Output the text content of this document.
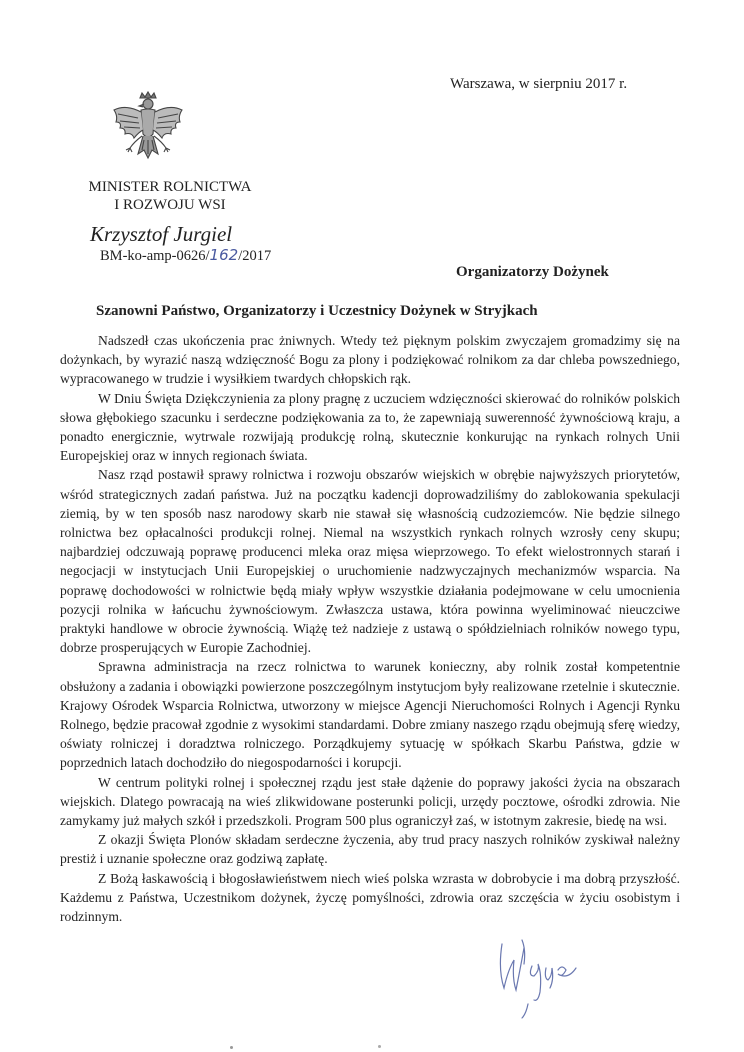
Warszawa, w sierpniu 2017 r.
MINISTER ROLNICTWA
I ROZWOJU WSI
Krzysztof Jurgiel
BM-ko-amp-0626/162/2017
Organizatorzy Dożynek
Szanowni Państwo, Organizatorzy i Uczestnicy Dożynek w Stryjkach

Nadszedł czas ukończenia prac żniwnych. Wtedy też pięknym polskim zwyczajem gromadzimy się na dożynkach, by wyrazić naszą wdzięczność Bogu za plony i podziękować rolnikom za dar chleba powszedniego, wypracowanego w trudzie i wysiłkiem twardych chłopskich rąk.

W Dniu Święta Dziękczynienia za plony pragnę z uczuciem wdzięczności skierować do rolników polskich słowa głębokiego szacunku i serdeczne podziękowania za to, że zapewniają suwerenność żywnościową kraju, a ponadto energicznie, wytrwale rozwijają produkcję rolną, skutecznie konkurując na rynkach rolnych Unii Europejskiej oraz w innych regionach świata.

Nasz rząd postawił sprawy rolnictwa i rozwoju obszarów wiejskich w obrębie najwyższych priorytetów, wśród strategicznych zadań państwa. Już na początku kadencji doprowadziliśmy do zablokowania spekulacji ziemią, by w ten sposób nasz narodowy skarb nie stawał się własnością cudzoziemców. Nie będzie silnego rolnictwa bez opłacalności produkcji rolnej. Niemal na wszystkich rynkach rolnych wzrosły ceny skupu; najbardziej odczuwają poprawę producenci mleka oraz mięsa wieprzowego. To efekt wielostronnych starań i negocjacji w instytucjach Unii Europejskiej o uruchomienie nadzwyczajnych mechanizmów wsparcia. Na poprawę dochodowości w rolnictwie będą miały wpływ wszystkie działania podejmowane w celu umocnienia pozycji rolnika w łańcuchu żywnościowym. Zwłaszcza ustawa, która powinna wyeliminować nieuczciwe praktyki handlowe w obrocie żywnością. Wiążę też nadzieje z ustawą o spółdzielniach rolników nowego typu, dobrze prosperujących w Europie Zachodniej.

Sprawna administracja na rzecz rolnictwa to warunek konieczny, aby rolnik został kompetentnie obsłużony a zadania i obowiązki powierzone poszczególnym instytucjom były realizowane rzetelnie i skutecznie. Krajowy Ośrodek Wsparcia Rolnictwa, utworzony w miejsce Agencji Nieruchomości Rolnych i Agencji Rynku Rolnego, będzie pracował zgodnie z wysokimi standardami. Dobre zmiany naszego rządu obejmują sferę wiedzy, oświaty rolniczej i doradztwa rolniczego. Porządkujemy sytuację w spółkach Skarbu Państwa, gdzie w poprzednich latach dochodziło do niegospodarności i korupcji.

W centrum polityki rolnej i społecznej rządu jest stałe dążenie do poprawy jakości życia na obszarach wiejskich. Dlatego powracają na wieś zlikwidowane posterunki policji, urzędy pocztowe, ośrodki zdrowia. Nie zamykamy już małych szkół i przedszkoli. Program 500 plus ograniczył zaś, w istotnym zakresie, biedę na wsi.

Z okazji Święta Plonów składam serdeczne życzenia, aby trud pracy naszych rolników zyskiwał należny prestiż i uznanie społeczne oraz godziwą zapłatę.

Z Bożą łaskawością i błogosławieństwem niech wieś polska wzrasta w dobrobycie i ma dobrą przyszłość. Każdemu z Państwa, Uczestnikom dożynek, życzę pomyślności, zdrowia oraz szczęścia w życiu osobistym i rodzinnym.
